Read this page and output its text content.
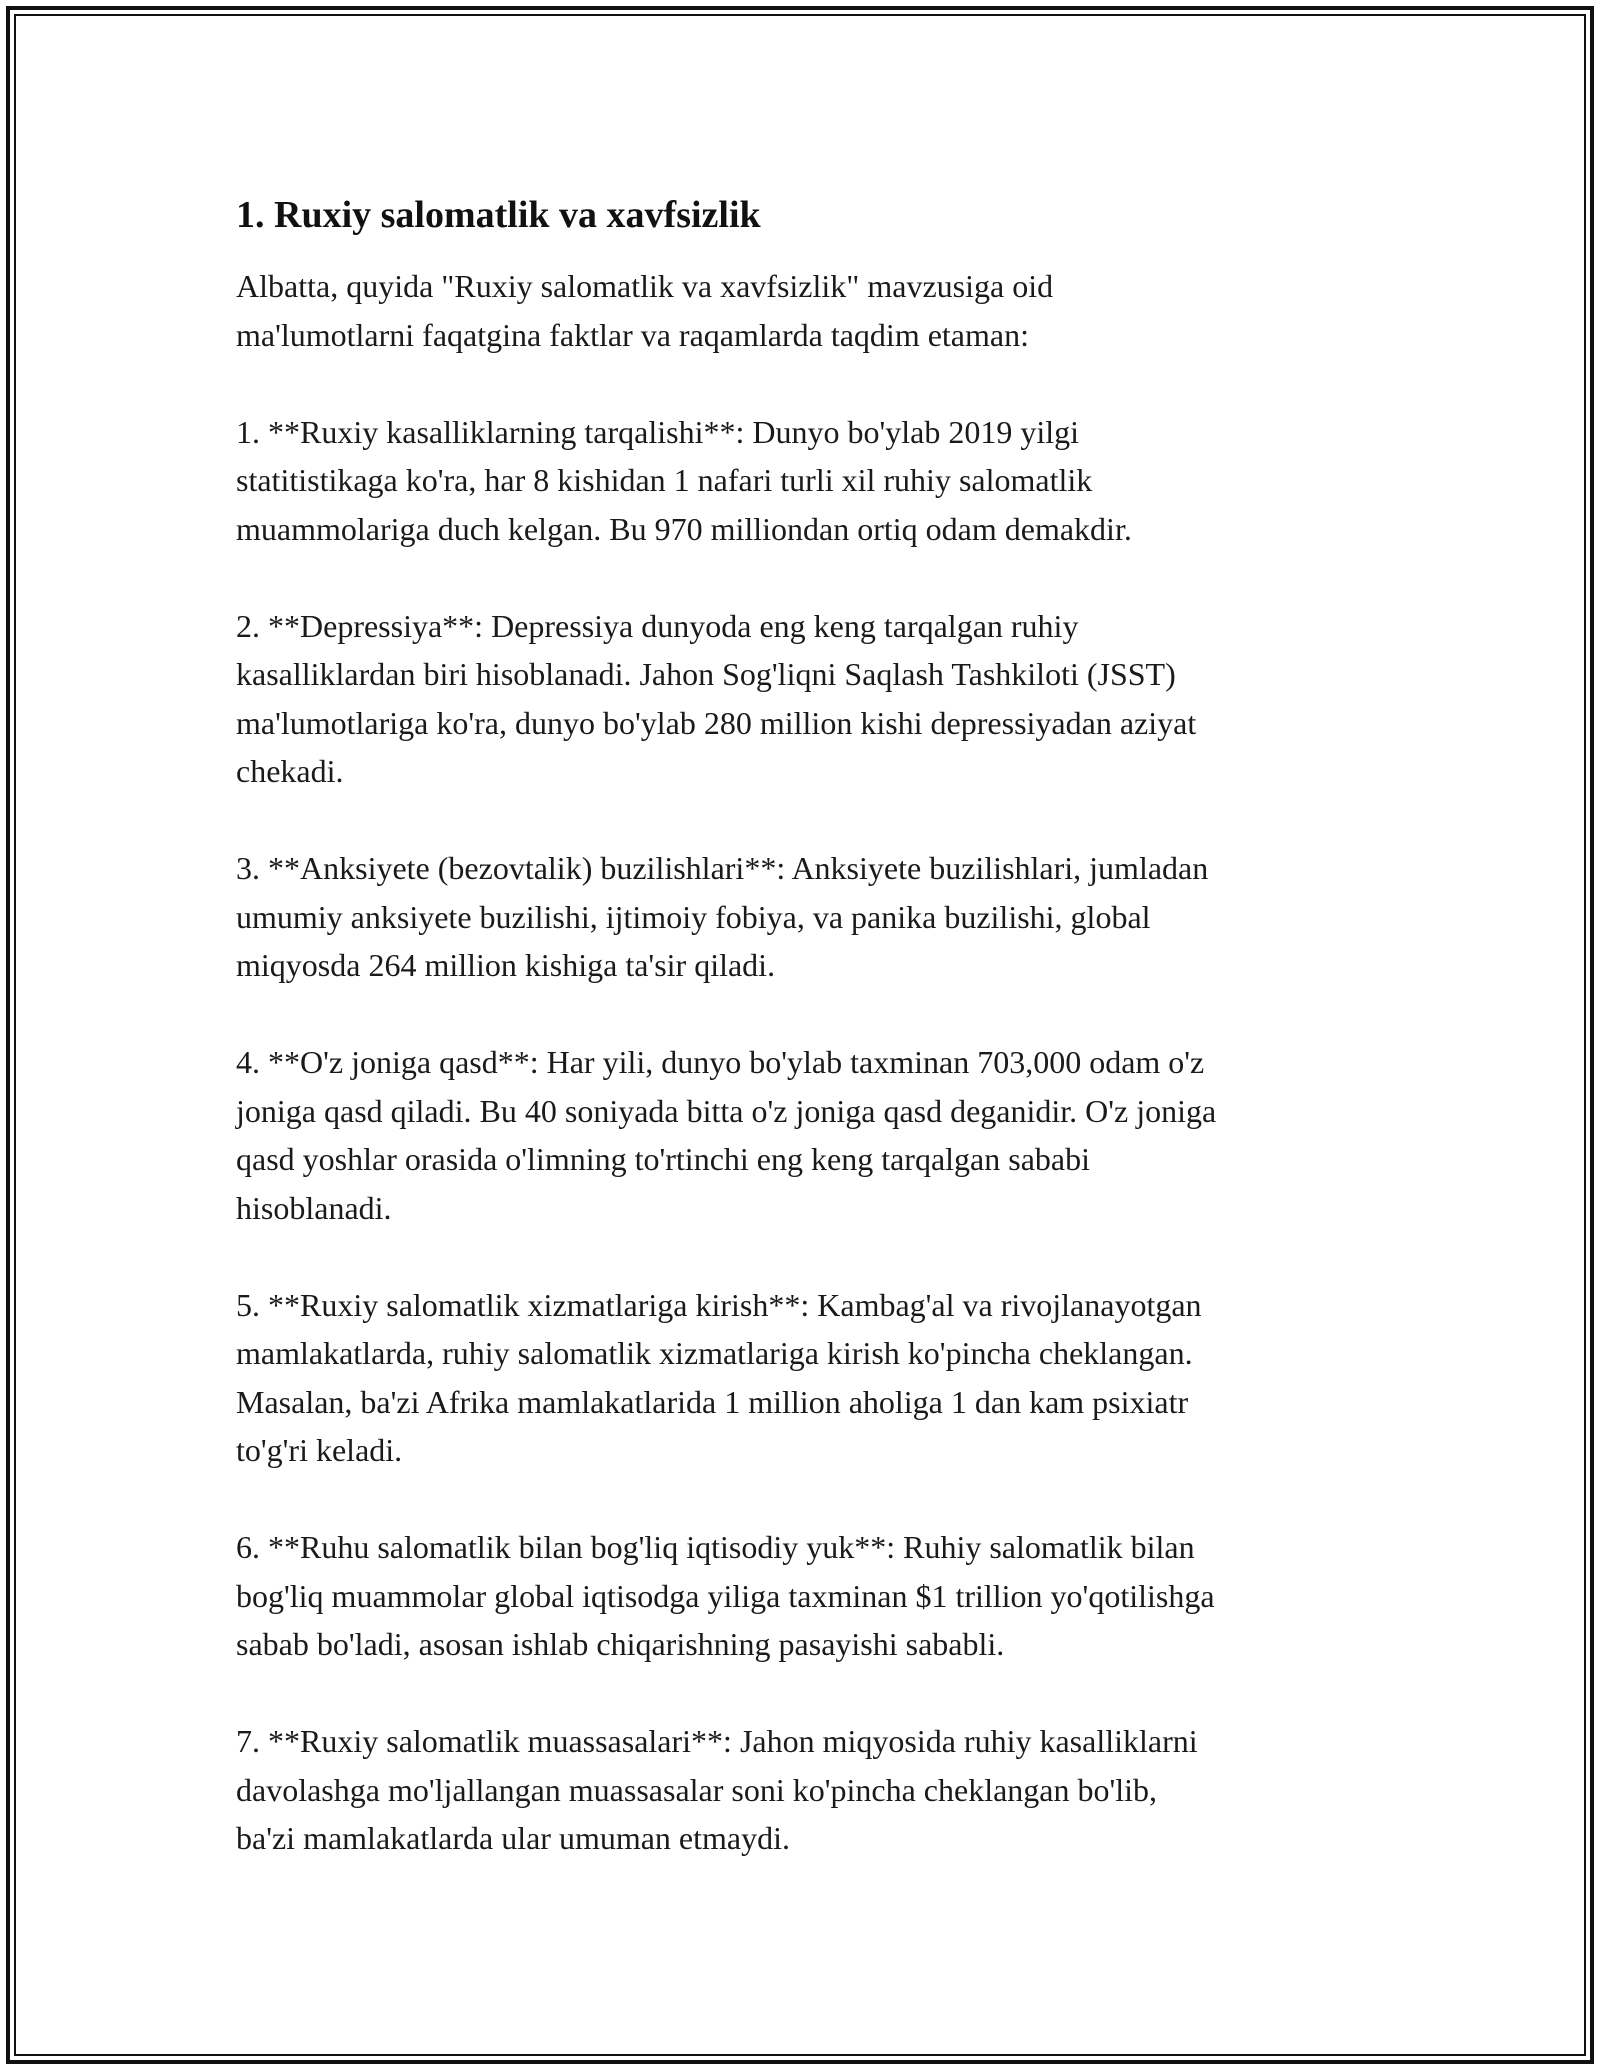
1. Ruxiy salomatlik va xavfsizlik

Albatta, quyida "Ruxiy salomatlik va xavfsizlik" mavzusiga oid
ma'lumotlarni faqatgina faktlar va raqamlarda taqdim etaman:

1. **Ruxiy kasalliklarning tarqalishi**: Dunyo bo'ylab 2019 yilgi
statitistikaga ko'ra, har 8 kishidan 1 nafari turli xil ruhiy salomatlik
muammolariga duch kelgan. Bu 970 milliondan ortiq odam demakdir.

2. **Depressiya**: Depressiya dunyoda eng keng tarqalgan ruhiy
kasalliklardan biri hisoblanadi. Jahon Sog'liqni Saqlash Tashkiloti (JSST)
ma'lumotlariga ko'ra, dunyo bo'ylab 280 million kishi depressiyadan aziyat
chekadi.

3. **Anksiyete (bezovtalik) buzilishlari**: Anksiyete buzilishlari, jumladan
umumiy anksiyete buzilishi, ijtimoiy fobiya, va panika buzilishi, global
miqyosda 264 million kishiga ta'sir qiladi.

4. **O'z joniga qasd**: Har yili, dunyo bo'ylab taxminan 703,000 odam o'z
joniga qasd qiladi. Bu 40 soniyada bitta o'z joniga qasd deganidir. O'z joniga
qasd yoshlar orasida o'limning to'rtinchi eng keng tarqalgan sababi
hisoblanadi.

5. **Ruxiy salomatlik xizmatlariga kirish**: Kambag'al va rivojlanayotgan
mamlakatlarda, ruhiy salomatlik xizmatlariga kirish ko'pincha cheklangan.
Masalan, ba'zi Afrika mamlakatlarida 1 million aholiga 1 dan kam psixiatr
to'g'ri keladi.

6. **Ruhu salomatlik bilan bog'liq iqtisodiy yuk**: Ruhiy salomatlik bilan
bog'liq muammolar global iqtisodga yiliga taxminan $1 trillion yo'qotilishga
sabab bo'ladi, asosan ishlab chiqarishning pasayishi sababli.

7. **Ruxiy salomatlik muassasalari**: Jahon miqyosida ruhiy kasalliklarni
davolashga mo'ljallangan muassasalar soni ko'pincha cheklangan bo'lib,
ba'zi mamlakatlarda ular umuman etmaydi.
